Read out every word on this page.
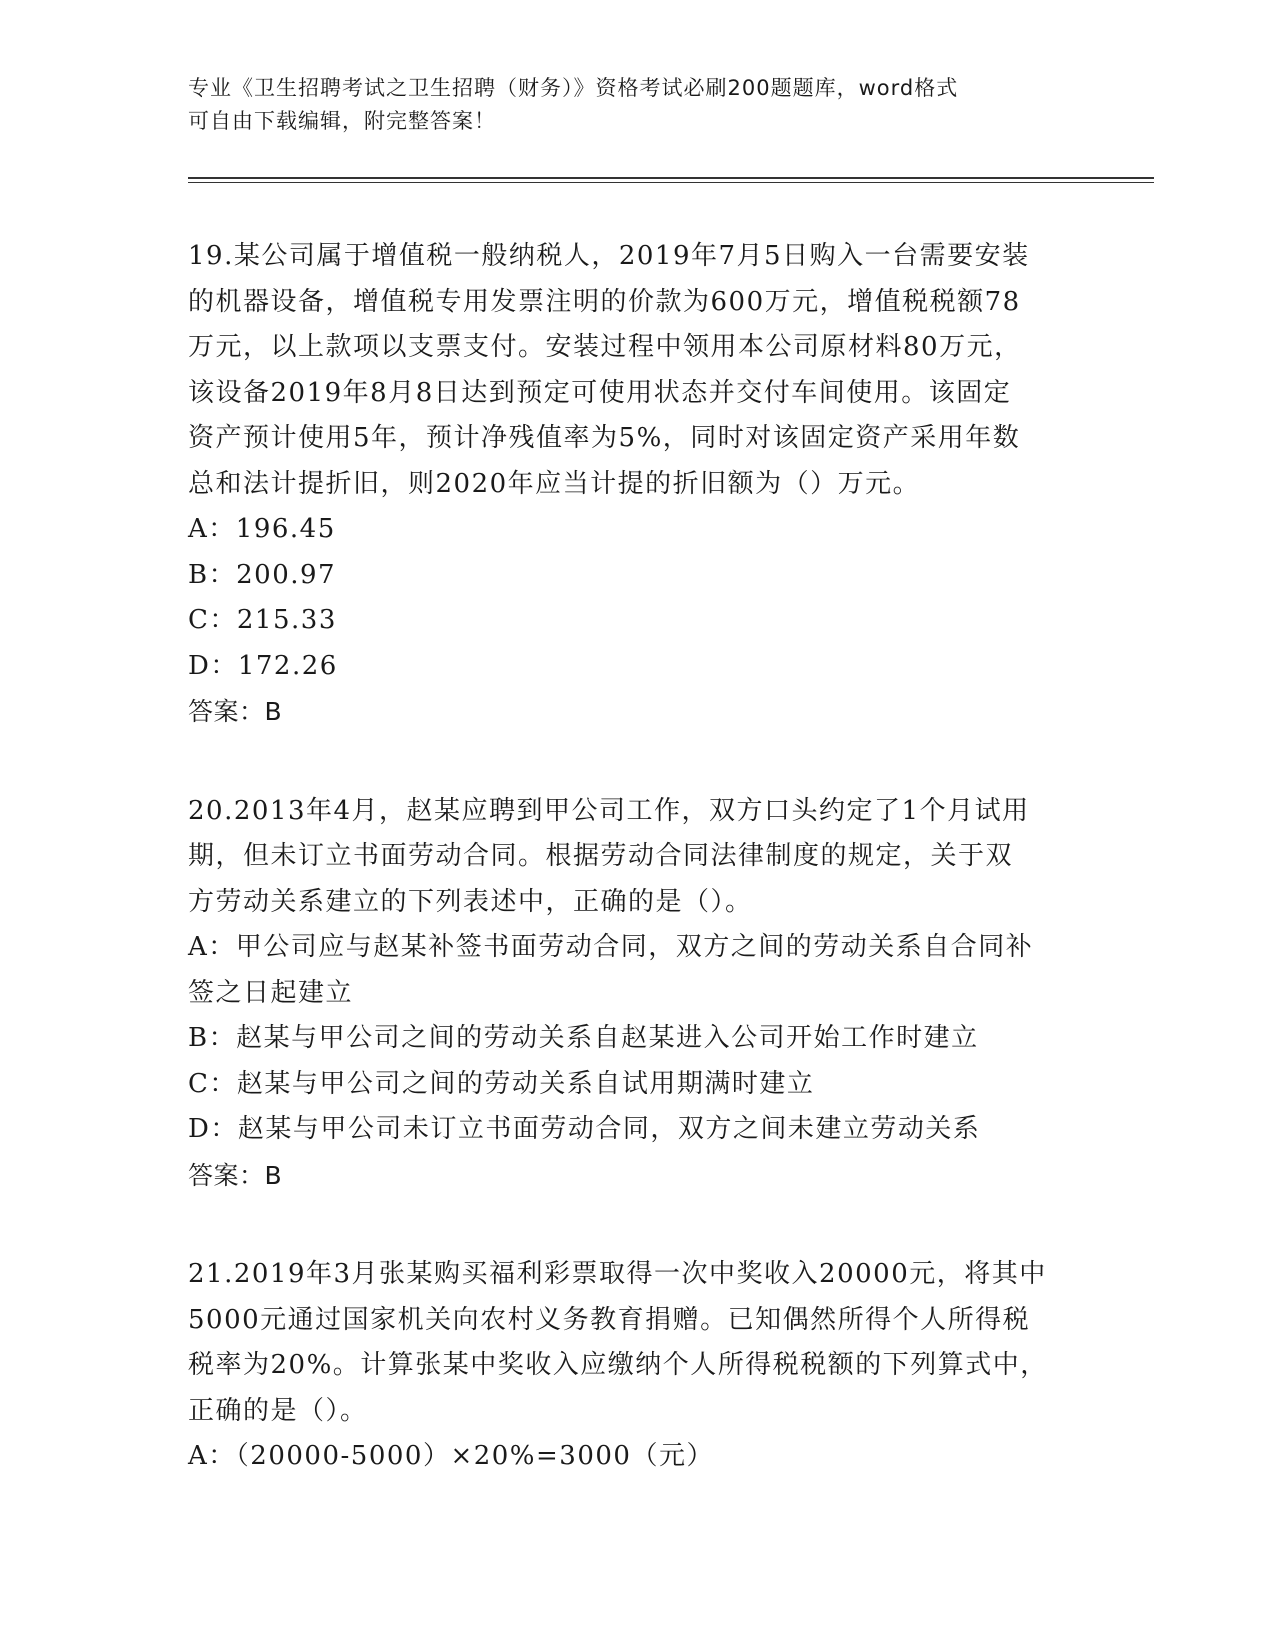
专业《卫生招聘考试之卫生招聘（财务）》资格考试必刷200题题库，word格式

可自由下载编辑，附完整答案！

19.某公司属于增值税一般纳税人，2019年7月5日购入一台需要安装

的机器设备，增值税专用发票注明的价款为600万元，增值税税额78

万元，以上款项以支票支付。安装过程中领用本公司原材料80万元，

该设备2019年8月8日达到预定可使用状态并交付车间使用。该固定

资产预计使用5年，预计净残值率为5%，同时对该固定资产采用年数

总和法计提折旧，则2020年应当计提的折旧额为（）万元。

A：196.45

B：200.97

C：215.33

D：172.26

答案：B

20.2013年4月，赵某应聘到甲公司工作，双方口头约定了1个月试用

期，但未订立书面劳动合同。根据劳动合同法律制度的规定，关于双

方劳动关系建立的下列表述中，正确的是（）。

A：甲公司应与赵某补签书面劳动合同，双方之间的劳动关系自合同补

签之日起建立

B：赵某与甲公司之间的劳动关系自赵某进入公司开始工作时建立

C：赵某与甲公司之间的劳动关系自试用期满时建立

D：赵某与甲公司未订立书面劳动合同，双方之间未建立劳动关系

答案：B

21.2019年3月张某购买福利彩票取得一次中奖收入20000元，将其中

5000元通过国家机关向农村义务教育捐赠。已知偶然所得个人所得税

税率为20%。计算张某中奖收入应缴纳个人所得税税额的下列算式中，

正确的是（）。

A：（20000-5000）×20%=3000（元）
